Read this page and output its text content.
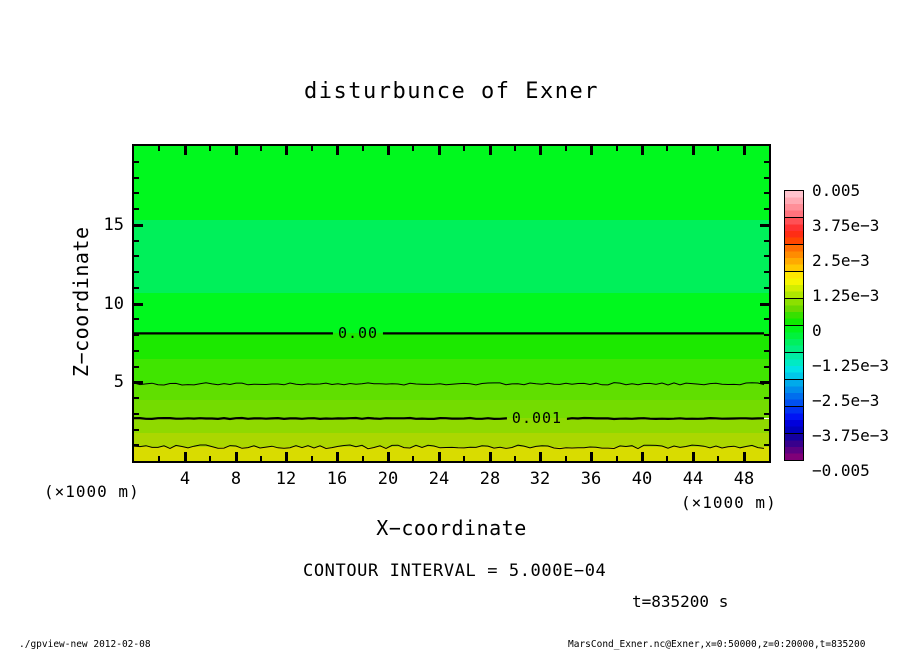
disturbunce of Exner
0.00
0.001
4	8	12	16	20	24	28	32	36	40	44	48
5
10
15
X−coordinate
Z−coordinate
(×1000 m)
(×1000 m)
0.005
3.75e−3
2.5e−3
1.25e−3
0
−1.25e−3
−2.5e−3
−3.75e−3
−0.005
CONTOUR INTERVAL = 5.000E−04
t=835200 s
./gpview-new 2012-02-08	MarsCond_Exner.nc@Exner,x=0:50000,z=0:20000,t=835200
